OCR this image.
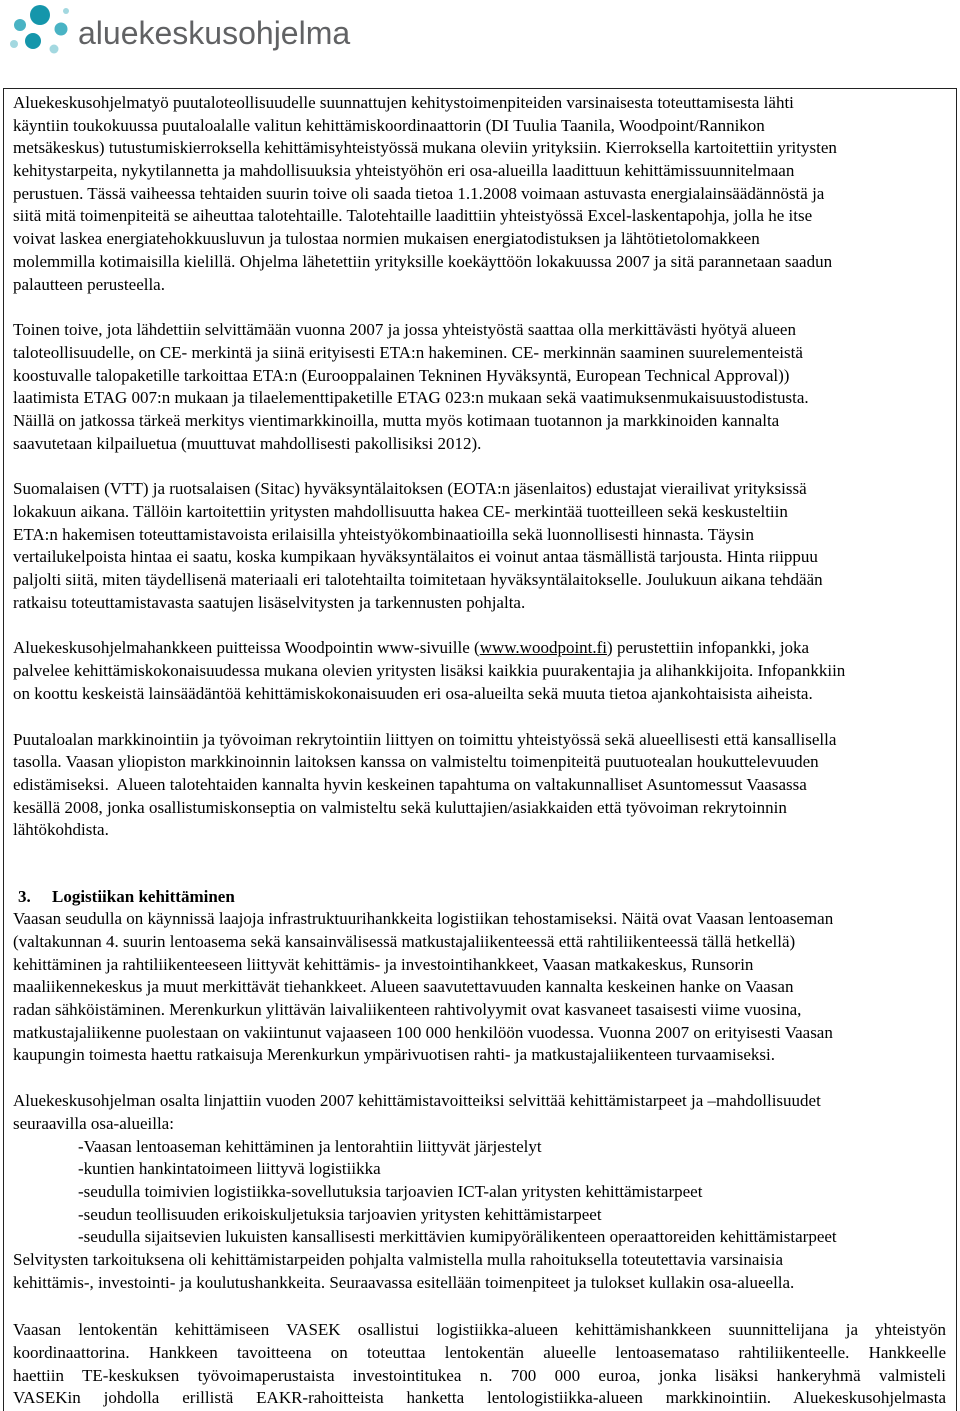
aluekeskusohjelma
Aluekeskusohjelmatyö puutaloteollisuudelle suunnattujen kehitystoimenpiteiden varsinaisesta toteuttamisesta lähti
käyntiin toukokuussa puutaloalalle valitun kehittämiskoordinaattorin (DI Tuulia Taanila, Woodpoint/Rannikon
metsäkeskus) tutustumiskierroksella kehittämisyhteistyössä mukana oleviin yrityksiin. Kierroksella kartoitettiin yritysten
kehitystarpeita, nykytilannetta ja mahdollisuuksia yhteistyöhön eri osa-alueilla laadittuun kehittämissuunnitelmaan
perustuen. Tässä vaiheessa tehtaiden suurin toive oli saada tietoa 1.1.2008 voimaan astuvasta energialainsäädännöstä ja
siitä mitä toimenpiteitä se aiheuttaa talotehtaille. Talotehtaille laadittiin yhteistyössä Excel-laskentapohja, jolla he itse
voivat laskea energiatehokkuusluvun ja tulostaa normien mukaisen energiatodistuksen ja lähtötietolomakkeen
molemmilla kotimaisilla kielillä. Ohjelma lähetettiin yrityksille koekäyttöön lokakuussa 2007 ja sitä parannetaan saadun
palautteen perusteella.
Toinen toive, jota lähdettiin selvittämään vuonna 2007 ja jossa yhteistyöstä saattaa olla merkittävästi hyötyä alueen
taloteollisuudelle, on CE- merkintä ja siinä erityisesti ETA:n hakeminen. CE- merkinnän saaminen suurelementeistä
koostuvalle talopaketille tarkoittaa ETA:n (Eurooppalainen Tekninen Hyväksyntä, European Technical Approval))
laatimista ETAG 007:n mukaan ja tilaelementtipaketille ETAG 023:n mukaan sekä vaatimuksenmukaisuustodistusta.
Näillä on jatkossa tärkeä merkitys vientimarkkinoilla, mutta myös kotimaan tuotannon ja markkinoiden kannalta
saavutetaan kilpailuetua (muuttuvat mahdollisesti pakollisiksi 2012).
Suomalaisen (VTT) ja ruotsalaisen (Sitac) hyväksyntälaitoksen (EOTA:n jäsenlaitos) edustajat vierailivat yrityksissä
lokakuun aikana. Tällöin kartoitettiin yritysten mahdollisuutta hakea CE- merkintää tuotteilleen sekä keskusteltiin
ETA:n hakemisen toteuttamistavoista erilaisilla yhteistyökombinaatioilla sekä luonnollisesti hinnasta. Täysin
vertailukelpoista hintaa ei saatu, koska kumpikaan hyväksyntälaitos ei voinut antaa täsmällistä tarjousta. Hinta riippuu
paljolti siitä, miten täydellisenä materiaali eri talotehtailta toimitetaan hyväksyntälaitokselle. Joulukuun aikana tehdään
ratkaisu toteuttamistavasta saatujen lisäselvitysten ja tarkennusten pohjalta.
Aluekeskusohjelmahankkeen puitteissa Woodpointin www-sivuille (www.woodpoint.fi) perustettiin infopankki, joka
palvelee kehittämiskokonaisuudessa mukana olevien yritysten lisäksi kaikkia puurakentajia ja alihankkijoita. Infopankkiin
on koottu keskeistä lainsäädäntöä kehittämiskokonaisuuden eri osa-alueilta sekä muuta tietoa ajankohtaisista aiheista.
Puutaloalan markkinointiin ja työvoiman rekrytointiin liittyen on toimittu yhteistyössä sekä alueellisesti että kansallisella
tasolla. Vaasan yliopiston markkinoinnin laitoksen kanssa on valmisteltu toimenpiteitä puutuotealan houkuttelevuuden
edistämiseksi.  Alueen talotehtaiden kannalta hyvin keskeinen tapahtuma on valtakunnalliset Asuntomessut Vaasassa
kesällä 2008, jonka osallistumiskonseptia on valmisteltu sekä kuluttajien/asiakkaiden että työvoiman rekrytoinnin
lähtökohdista.
3. Logistiikan kehittäminen
Vaasan seudulla on käynnissä laajoja infrastruktuurihankkeita logistiikan tehostamiseksi. Näitä ovat Vaasan lentoaseman
(valtakunnan 4. suurin lentoasema sekä kansainvälisessä matkustajaliikenteessä että rahtiliikenteessä tällä hetkellä)
kehittäminen ja rahtiliikenteeseen liittyvät kehittämis- ja investointihankkeet, Vaasan matkakeskus, Runsorin
maaliikennekeskus ja muut merkittävät tiehankkeet. Alueen saavutettavuuden kannalta keskeinen hanke on Vaasan
radan sähköistäminen. Merenkurkun ylittävän laivaliikenteen rahtivolyymit ovat kasvaneet tasaisesti viime vuosina,
matkustajaliikenne puolestaan on vakiintunut vajaaseen 100 000 henkilöön vuodessa. Vuonna 2007 on erityisesti Vaasan
kaupungin toimesta haettu ratkaisuja Merenkurkun ympärivuotisen rahti- ja matkustajaliikenteen turvaamiseksi.
Aluekeskusohjelman osalta linjattiin vuoden 2007 kehittämistavoitteiksi selvittää kehittämistarpeet ja –mahdollisuudet
seuraavilla osa-alueilla:
-Vaasan lentoaseman kehittäminen ja lentorahtiin liittyvät järjestelyt
-kuntien hankintatoimeen liittyvä logistiikka
-seudulla toimivien logistiikka-sovellutuksia tarjoavien ICT-alan yritysten kehittämistarpeet
-seudun teollisuuden erikoiskuljetuksia tarjoavien yritysten kehittämistarpeet
-seudulla sijaitsevien lukuisten kansallisesti merkittävien kumipyörälikenteen operaattoreiden kehittämistarpeet
Selvitysten tarkoituksena oli kehittämistarpeiden pohjalta valmistella mulla rahoituksella toteutettavia varsinaisia
kehittämis-, investointi- ja koulutushankkeita. Seuraavassa esitellään toimenpiteet ja tulokset kullakin osa-alueella.
Vaasan lentokentän kehittämiseen VASEK osallistui logistiikka-alueen kehittämishankkeen suunnittelijana ja yhteistyön
koordinaattorina. Hankkeen tavoitteena on toteuttaa lentokentän alueelle lentoasemataso rahtiliikenteelle. Hankkeelle
haettiin TE-keskuksen työvoimaperustaista investointitukea n. 700 000 euroa, jonka lisäksi hankeryhmä valmisteli
VASEKin johdolla erillistä EAKR-rahoitteista hanketta lentologistiikka-alueen markkinointiin. Aluekeskusohjelmasta
